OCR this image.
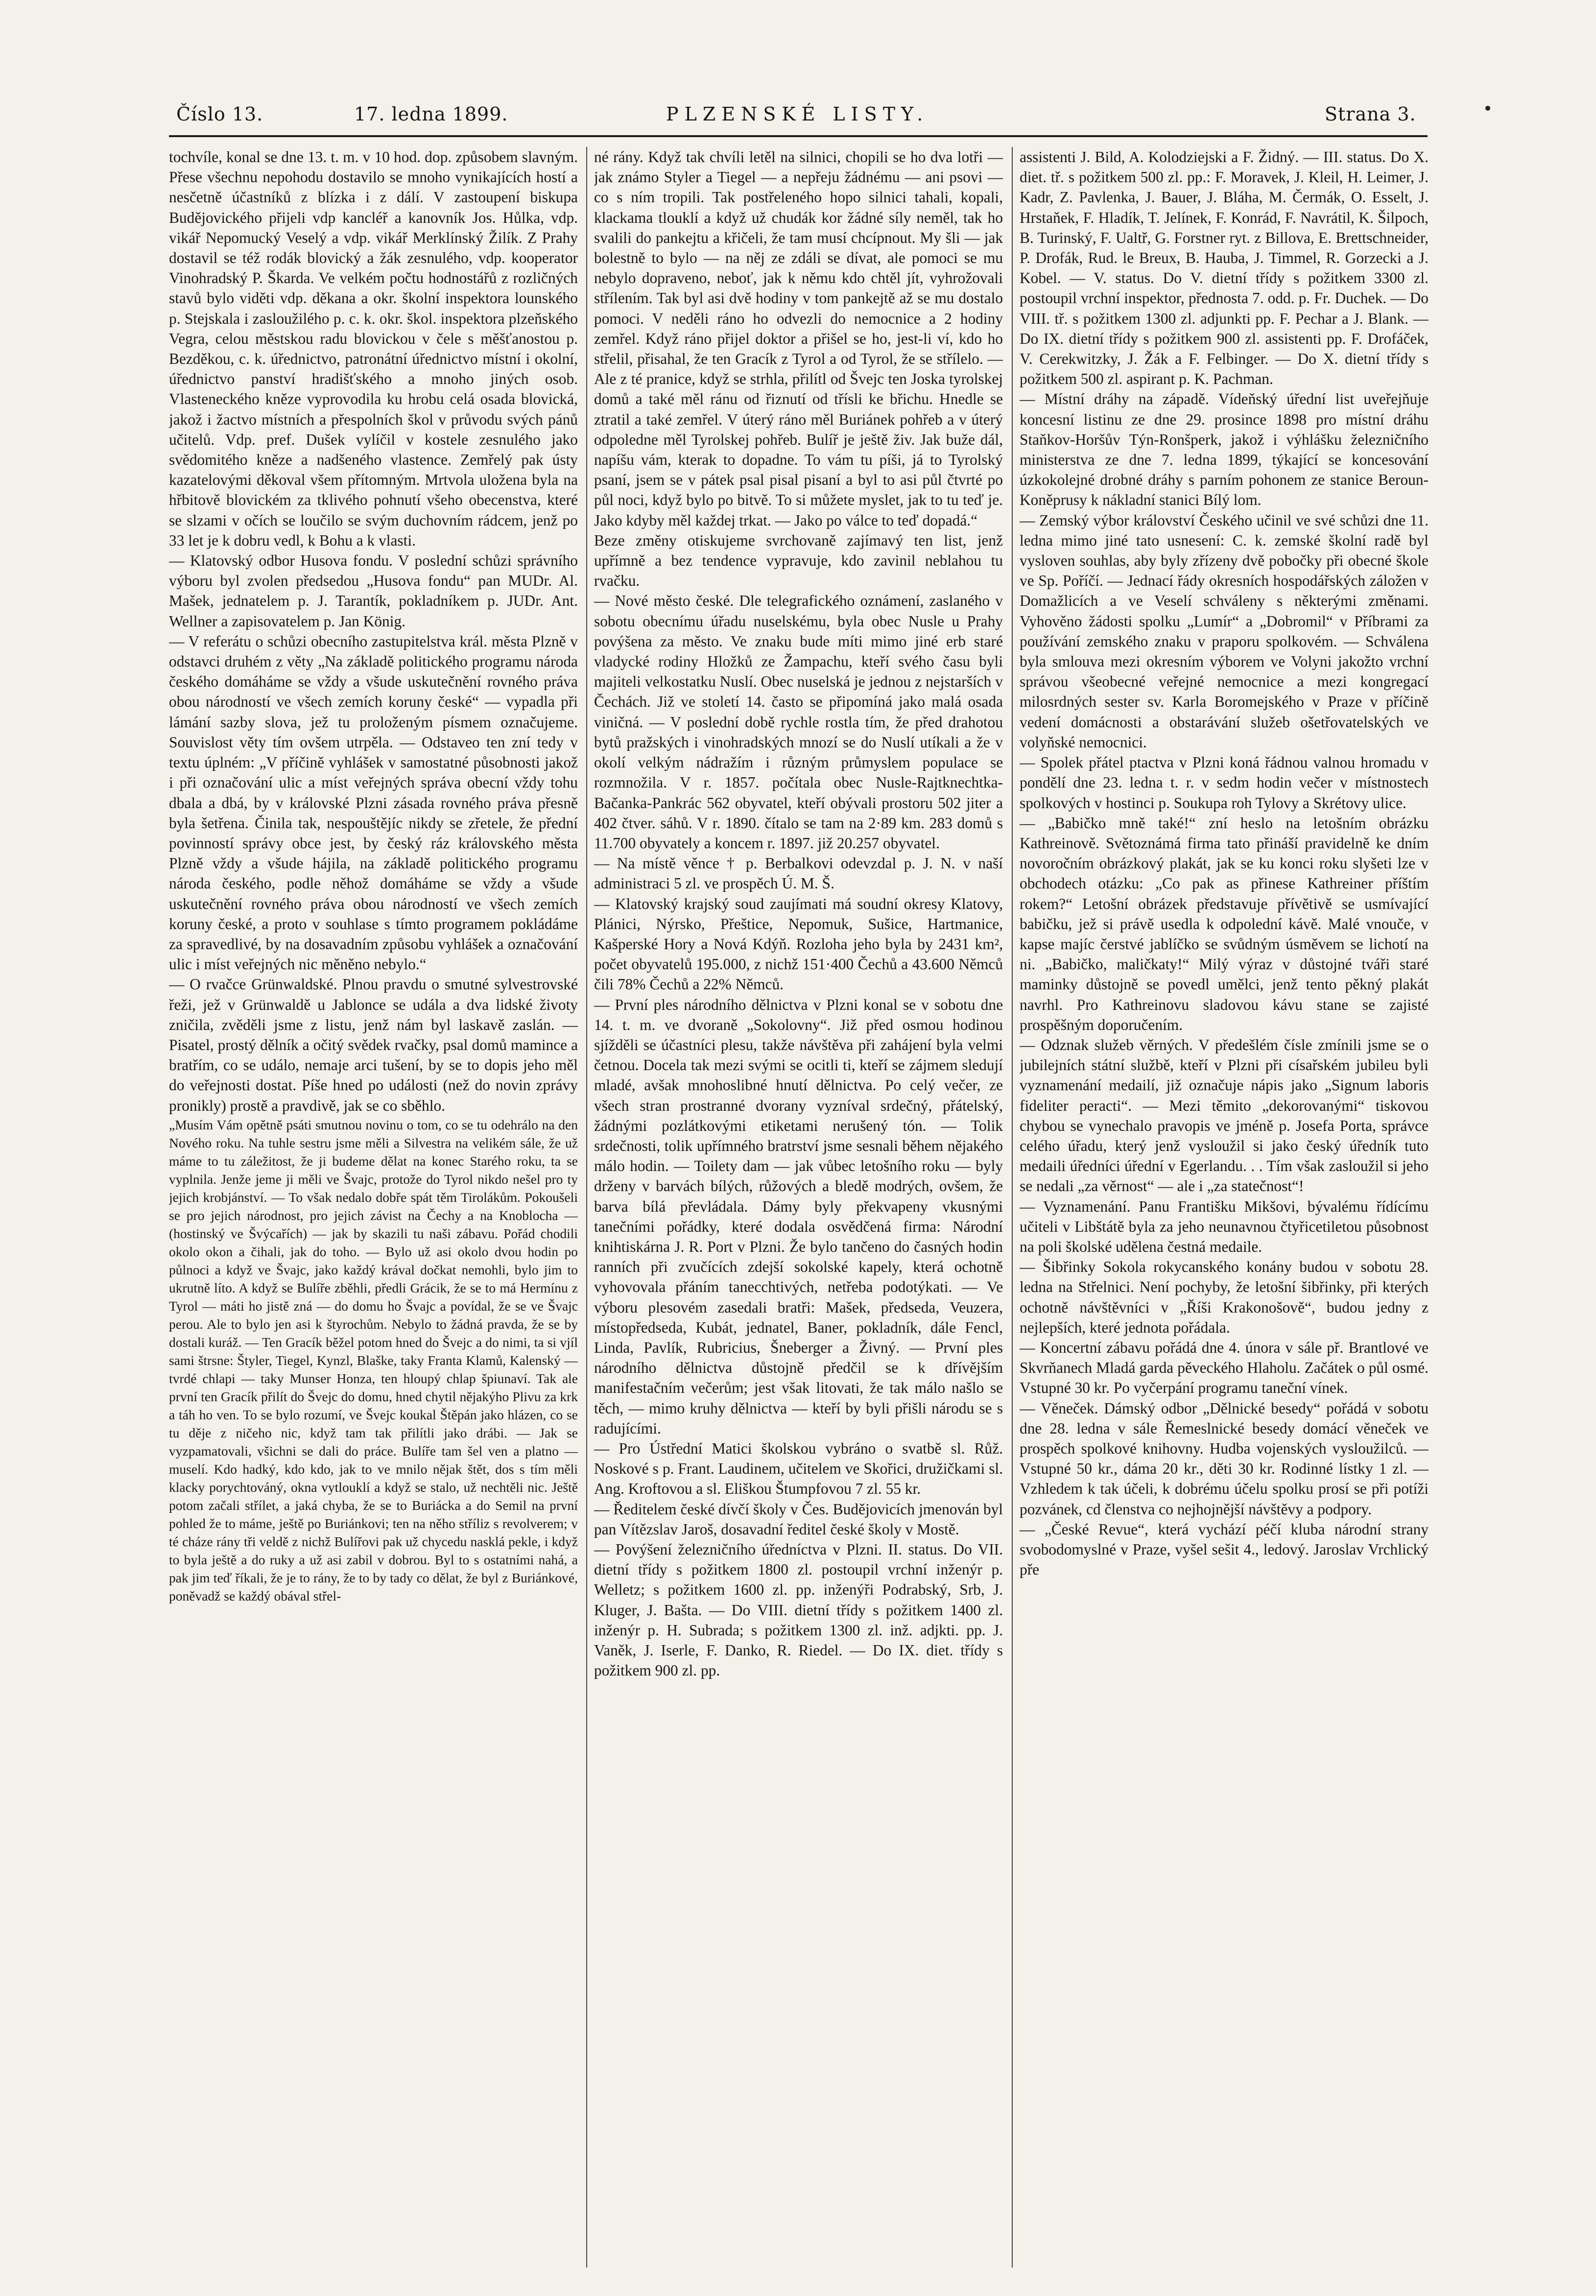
Číslo 13.	17. ledna 1899.	PLZENSKÉ LISTY.	Strana 3.

tochvíle, konal se dne 13. t. m. v 10 hod. dop. způsobem slavným. Přese všechnu nepohodu dostavilo se mnoho vynikajících hostí a nesčetně účastníků z blízka i z dálí. V zastoupení biskupa Budějovického přijeli vdp kancléř a kanovník Jos. Hůlka, vdp. vikář Nepomucký Veselý a vdp. vikář Merklínský Žilík. Z Prahy dostavil se též rodák blovický a žák zesnulého, vdp. kooperator Vinohradský P. Škarda. Ve velkém počtu hodnostářů z rozličných stavů bylo viděti vdp. děkana a okr. školní inspektora lounského p. Stejskala i zasloužilého p. c. k. okr. škol. inspektora plzeňského Vegra, celou městskou radu blovickou v čele s měšťanostou p. Bezděkou, c. k. úřednictvo, patronátní úřednictvo místní i okolní, úřednictvo panství hradišťského a mnoho jiných osob. Vlasteneckého kněze vyprovodila ku hrobu celá osada blovická, jakož i žactvo místních a přespolních škol v průvodu svých pánů učitelů. Vdp. pref. Dušek vylíčil v kostele zesnulého jako svědomitého kněze a nadšeného vlastence. Zemřelý pak ústy kazatelovými děkoval všem přítomným. Mrtvola uložena byla na hřbitově blovickém za tklivého pohnutí všeho obecenstva, které se slzami v očích se loučilo se svým duchovním rádcem, jenž po 33 let je k dobru vedl, k Bohu a k vlasti.

— Klatovský odbor Husova fondu. V poslední schůzi správního výboru byl zvolen předsedou „Husova fondu“ pan MUDr. Al. Mašek, jednatelem p. J. Tarantík, pokladníkem p. JUDr. Ant. Wellner a zapisovatelem p. Jan König.

— V referátu o schůzi obecního zastupitelstva král. města Plzně v odstavci druhém z věty „Na základě politického programu národa českého domáháme se vždy a všude uskutečnění rovného práva obou národností ve všech zemích koruny české“ — vypadla při lámání sazby slova, jež tu proloženým písmem označujeme. Souvislost věty tím ovšem utrpěla. — Odstaveo ten zní tedy v textu úplném: „V příčině vyhlášek v samostatné působnosti jakož i při označování ulic a míst veřejných správa obecní vždy tohu dbala a dbá, by v královské Plzni zásada rovného práva přesně byla šetřena. Činila tak, nespouštějíc nikdy se zřetele, že přední povinností správy obce jest, by český ráz královského města Plzně vždy a všude hájila, na základě politického programu národa českého, podle něhož domáháme se vždy a všude uskutečnění rovného práva obou národností ve všech zemích koruny české, a proto v souhlase s tímto programem pokládáme za spravedlivé, by na dosavadním způsobu vyhlášek a označování ulic i míst veřejných nic měněno nebylo.“

— O rvačce Grünwaldské. Plnou pravdu o smutné sylvestrovské řeži, jež v Grünwaldě u Jablonce se udála a dva lidské životy zničila, zvěděli jsme z listu, jenž nám byl laskavě zaslán. — Pisatel, prostý dělník a očitý svědek rvačky, psal domů mamince a bratřím, co se událo, nemaje arci tušení, by se to dopis jeho měl do veřejnosti dostat. Píše hned po události (než do novin zprávy pronikly) prostě a pravdivě, jak se co sběhlo.

„Musím Vám opětně psáti smutnou novinu o tom, co se tu odehrálo na den Nového roku. Na tuhle sestru jsme měli a Silvestra na velikém sále, že už máme to tu záležitost, že ji budeme dělat na konec Starého roku, ta se vyplnila. Jenže jeme ji měli ve Švajc, protože do Tyrol nikdo nešel pro ty jejich krobjánství. — To však nedalo dobře spát těm Tirolákům. Pokoušeli se pro jejich národnost, pro jejich závist na Čechy a na Knoblocha — (hostinský ve Švýcařích) — jak by skazili tu naši zábavu. Pořád chodili okolo okon a čihali, jak do toho. — Bylo už asi okolo dvou hodin po půlnoci a když ve Švajc, jako každý krával dočkat nemohli, bylo jim to ukrutně líto. A když se Bulíře zběhli, předli Grácik, že se to má Hermínu z Tyrol — máti ho jistě zná — do domu ho Švajc a povídal, že se ve Švajc perou. Ale to bylo jen asi k štyrochům. Nebylo to žádná pravda, že se by dostali kuráž. — Ten Gracík běžel potom hned do Švejc a do nimi, ta si vjíl sami štrsne: Štyler, Tiegel, Kynzl, Blaške, taky Franta Klamů, Kalenský — tvrdé chlapi — taky Munser Honza, ten hloupý chlap špiunaví. Tak ale první ten Gracík přilít do Švejc do domu, hned chytil nějakýho Plivu za krk a táh ho ven. To se bylo rozumí, ve Švejc koukal Štěpán jako hlázen, co se tu děje z ničeho nic, když tam tak přilítli jako drábi. — Jak se vyzpamatovali, všichni se dali do práce. Bulíře tam šel ven a platno — muselí. Kdo hadký, kdo kdo, jak to ve mnilo nějak štět, dos s tím měli klacky porychtováný, okna vytlouklí a když se stalo, už nechtěli nic. Ještě potom začali střílet, a jaká chyba, že se to Buriácka a do Semil na první pohled že to máme, ještě po Buriánkovi; ten na něho stříliz s revolverem; v té cháze rány tři veldě z nichž Bulířovi pak už chycedu nasklá pekle, i když to byla ještě a do ruky a už asi zabil v dobrou. Byl to s ostatními nahá, a pak jim teď říkali, že je to rány, že to by tady co dělat, že byl z Buriánkové, poněvadž se každý obával střel-

né rány. Když tak chvíli letěl na silnici, chopili se ho dva lotři — jak známo Styler a Tiegel — a nepřeju žádnému — ani psovi — co s ním tropili. Tak postřeleného hopo silnici tahali, kopali, klackama tlouklí a když už chudák kor žádné síly neměl, tak ho svalili do pankejtu a křičeli, že tam musí chcípnout. My šli — jak bolestně to bylo — na něj ze zdáli se dívat, ale pomoci se mu nebylo dopraveno, neboť, jak k němu kdo chtěl jít, vyhrožovali střílením. Tak byl asi dvě hodiny v tom pankejtě až se mu dostalo pomoci. V neděli ráno ho odvezli do nemocnice a 2 hodiny zemřel. Když ráno přijel doktor a přišel se ho, jest-li ví, kdo ho střelil, přisahal, že ten Gracík z Tyrol a od Tyrol, že se střílelo. — Ale z té pranice, když se strhla, přilítl od Švejc ten Joska tyrolskej domů a také měl ránu od řiznutí od třísli ke břichu. Hnedle se ztratil a také zemřel. V úterý ráno měl Buriánek pohřeb a v úterý odpoledne měl Tyrolskej pohřeb. Bulíř je ještě živ. Jak buže dál, napíšu vám, kterak to dopadne. To vám tu píši, já to Tyrolský psaní, jsem se v pátek psal pisal pisaní a byl to asi půl čtvrté po půl noci, když bylo po bitvě. To si můžete myslet, jak to tu teď je. Jako kdyby měl každej trkat. — Jako po válce to teď dopadá.“

Beze změny otiskujeme svrchovaně zajímavý ten list, jenž upřímně a bez tendence vypravuje, kdo zavinil neblahou tu rvačku.

— Nové město české. Dle telegrafického oznámení, zaslaného v sobotu obecnímu úřadu nuselskému, byla obec Nusle u Prahy povýšena za město. Ve znaku bude míti mimo jiné erb staré vladycké rodiny Hložků ze Žampachu, kteří svého času byli majiteli velkostatku Nuslí. Obec nuselská je jednou z nejstarších v Čechách. Již ve století 14. často se připomíná jako malá osada viničná. — V poslední době rychle rostla tím, že před drahotou bytů pražských i vinohradských mnozí se do Nuslí utíkali a že v okolí velkým nádražím i různým průmyslem populace se rozmnožila. V r. 1857. počítala obec Nusle-Rajtknechtka-Bačanka-Pankrác 562 obyvatel, kteří obývali prostoru 502 jiter a 402 čtver. sáhů. V r. 1890. čítalo se tam na 2·89 km. 283 domů s 11.700 obyvately a koncem r. 1897. již 20.257 obyvatel.

— Na místě věnce † p. Berbalkovi odevzdal p. J. N. v naší administraci 5 zl. ve prospěch Ú. M. Š.

— Klatovský krajský soud zaujímati má soudní okresy Klatovy, Plánici, Nýrsko, Přeštice, Nepomuk, Sušice, Hartmanice, Kašperské Hory a Nová Kdýň. Rozloha jeho byla by 2431 km², počet obyvatelů 195.000, z nichž 151·400 Čechů a 43.600 Němců čili 78% Čechů a 22% Němců.

— První ples národního dělnictva v Plzni konal se v sobotu dne 14. t. m. ve dvoraně „Sokolovny“. Již před osmou hodinou sjížděli se účastníci plesu, takže návštěva při zahájení byla velmi četnou. Docela tak mezi svými se ocitli ti, kteří se zájmem sledují mladé, avšak mnohoslibné hnutí dělnictva. Po celý večer, ze všech stran prostranné dvorany vyzníval srdečný, přátelský, žádnými pozlátkovými etiketami nerušený tón. — Tolik srdečnosti, tolik upřímného bratrství jsme sesnali během nějakého málo hodin. — Toilety dam — jak vůbec letošního roku — byly drženy v barvách bílých, růžových a bledě modrých, ovšem, že barva bílá převládala. Dámy byly překvapeny vkusnými tanečními pořádky, které dodala osvědčená firma: Národní knihtiskárna J. R. Port v Plzni. Že bylo tančeno do časných hodin ranních při zvučících zdejší sokolské kapely, která ochotně vyhovovala přáním tanecchtivých, netřeba podotýkati. — Ve výboru plesovém zasedali bratři: Mašek, předseda, Veuzera, místopředseda, Kubát, jednatel, Baner, pokladník, dále Fencl, Linda, Pavlík, Rubricius, Šneberger a Živný. — První ples národního dělnictva důstojně předčil se k dřívějším manifestačním večerům; jest však litovati, že tak málo našlo se těch, — mimo kruhy dělnictva — kteří by byli přišli národu se s radujícími.

— Pro Ústřední Matici školskou vybráno o svatbě sl. Růž. Noskové s p. Frant. Laudinem, učitelem ve Skořici, družičkami sl. Ang. Kroftovou a sl. Eliškou Štumpfovou 7 zl. 55 kr.

— Ředitelem české dívčí školy v Čes. Budějovicích jmenován byl pan Vítězslav Jaroš, dosavadní ředitel české školy v Mostě.

— Povýšení železničního úředníctva v Plzni. II. status. Do VII. dietní třídy s požitkem 1800 zl. postoupil vrchní inženýr p. Welletz; s požitkem 1600 zl. pp. inženýři Podrabský, Srb, J. Kluger, J. Bašta. — Do VIII. dietní třídy s požitkem 1400 zl. inženýr p. H. Subrada; s požitkem 1300 zl. inž. adjkti. pp. J. Vaněk, J. Iserle, F. Danko, R. Riedel. — Do IX. diet. třídy s požitkem 900 zl. pp.

assistenti J. Bild, A. Kolodziejski a F. Židný. — III. status. Do X. diet. tř. s požitkem 500 zl. pp.: F. Moravek, J. Kleil, H. Leimer, J. Kadr, Z. Pavlenka, J. Bauer, J. Bláha, M. Čermák, O. Esselt, J. Hrstaňek, F. Hladík, T. Jelínek, F. Konrád, F. Navrátil, K. Šilpoch, B. Turinský, F. Ualtř, G. Forstner ryt. z Billova, E. Brettschneider, P. Drofák, Rud. le Breux, B. Hauba, J. Timmel, R. Gorzecki a J. Kobel. — V. status. Do V. dietní třídy s požitkem 3300 zl. postoupil vrchní inspektor, přednosta 7. odd. p. Fr. Duchek. — Do VIII. tř. s požitkem 1300 zl. adjunkti pp. F. Pechar a J. Blank. — Do IX. dietní třídy s požitkem 900 zl. assistenti pp. F. Drofáček, V. Cerekwitzky, J. Žák a F. Felbinger. — Do X. dietní třídy s požitkem 500 zl. aspirant p. K. Pachman.

— Místní dráhy na západě. Vídeňský úřední list uveřejňuje koncesní listinu ze dne 29. prosince 1898 pro místní dráhu Staňkov-Horšův Týn-Ronšperk, jakož i výhlášku železničního ministerstva ze dne 7. ledna 1899, týkající se koncesování úzkokolejné drobné dráhy s parním pohonem ze stanice Beroun-Koněprusy k nákladní stanici Bílý lom.

— Zemský výbor království Českého učinil ve své schůzi dne 11. ledna mimo jiné tato usnesení: C. k. zemské školní radě byl vysloven souhlas, aby byly zřízeny dvě pobočky při obecné škole ve Sp. Poříčí. — Jednací řády okresních hospodářských záložen v Domažlicích a ve Veselí schváleny s některými změnami. Vyhověno žádosti spolku „Lumír“ a „Dobromil“ v Příbrami za používání zemského znaku v praporu spolkovém. — Schválena byla smlouva mezi okresním výborem ve Volyni jakožto vrchní správou všeobecné veřejné nemocnice a mezi kongregací milosrdných sester sv. Karla Boromejského v Praze v příčině vedení domácnosti a obstarávání služeb ošetřovatelských ve volyňské nemocnici.

— Spolek přátel ptactva v Plzni koná řádnou valnou hromadu v pondělí dne 23. ledna t. r. v sedm hodin večer v místnostech spolkových v hostinci p. Soukupa roh Tylovy a Skrétovy ulice.

— „Babičko mně také!“ zní heslo na letošním obrázku Kathreinově. Světoznámá firma tato přináší pravidelně ke dním novoročním obrázkový plakát, jak se ku konci roku slyšeti lze v obchodech otázku: „Co pak as přinese Kathreiner příštím rokem?“ Letošní obrázek představuje přívětivě se usmívající babičku, jež si právě usedla k odpolední kávě. Malé vnouče, v kapse majíc čerstvé jablíčko se svůdným úsměvem se lichotí na ni. „Babičko, maličkaty!“ Milý výraz v důstojné tváři staré maminky důstojně se povedl umělci, jenž tento pěkný plakát navrhl. Pro Kathreinovu sladovou kávu stane se zajisté prospěšným doporučením.

— Odznak služeb věrných. V předešlém čísle zmínili jsme se o jubilejních státní službě, kteří v Plzni při císařském jubileu byli vyznamenání medailí, již označuje nápis jako „Signum laboris fideliter peracti“. — Mezi těmito „dekorovanými“ tiskovou chybou se vynechalo pravopis ve jméně p. Josefa Porta, správce celého úřadu, který jenž vysloužil si jako český úředník tuto medaili úředníci úřední v Egerlandu. . . Tím však zasloužil si jeho se nedali „za věrnost“ — ale i „za statečnost“!

— Vyznamenání. Panu Františku Mikšovi, bývalému řídícímu učiteli v Libštátě byla za jeho neunavnou čtyřicetiletou působnost na poli školské udělena čestná medaile.

— Šibřinky Sokola rokycanského konány budou v sobotu 28. ledna na Střelnici. Není pochyby, že letošní šibřinky, při kterých ochotně návštěvníci v „Říši Krakonošově“, budou jedny z nejlepších, které jednota pořádala.

— Koncertní zábavu pořádá dne 4. února v sále př. Brantlové ve Skvrňanech Mladá garda pěveckého Hlaholu. Začátek o půl osmé. Vstupné 30 kr. Po vyčerpání programu taneční vínek.

— Věneček. Dámský odbor „Dělnické besedy“ pořádá v sobotu dne 28. ledna v sále Řemeslnické besedy domácí věneček ve prospěch spolkové knihovny. Hudba vojenských vysloužilců. — Vstupné 50 kr., dáma 20 kr., děti 30 kr. Rodinné lístky 1 zl. — Vzhledem k tak účeli, k dobrému účelu spolku prosí se při potíži pozvánek, cd členstva co nejhojnější návštěvy a podpory.

— „České Revue“, která vychází péčí kluba národní strany svobodomyslné v Praze, vyšel sešit 4., ledový. Jaroslav Vrchlický pře
